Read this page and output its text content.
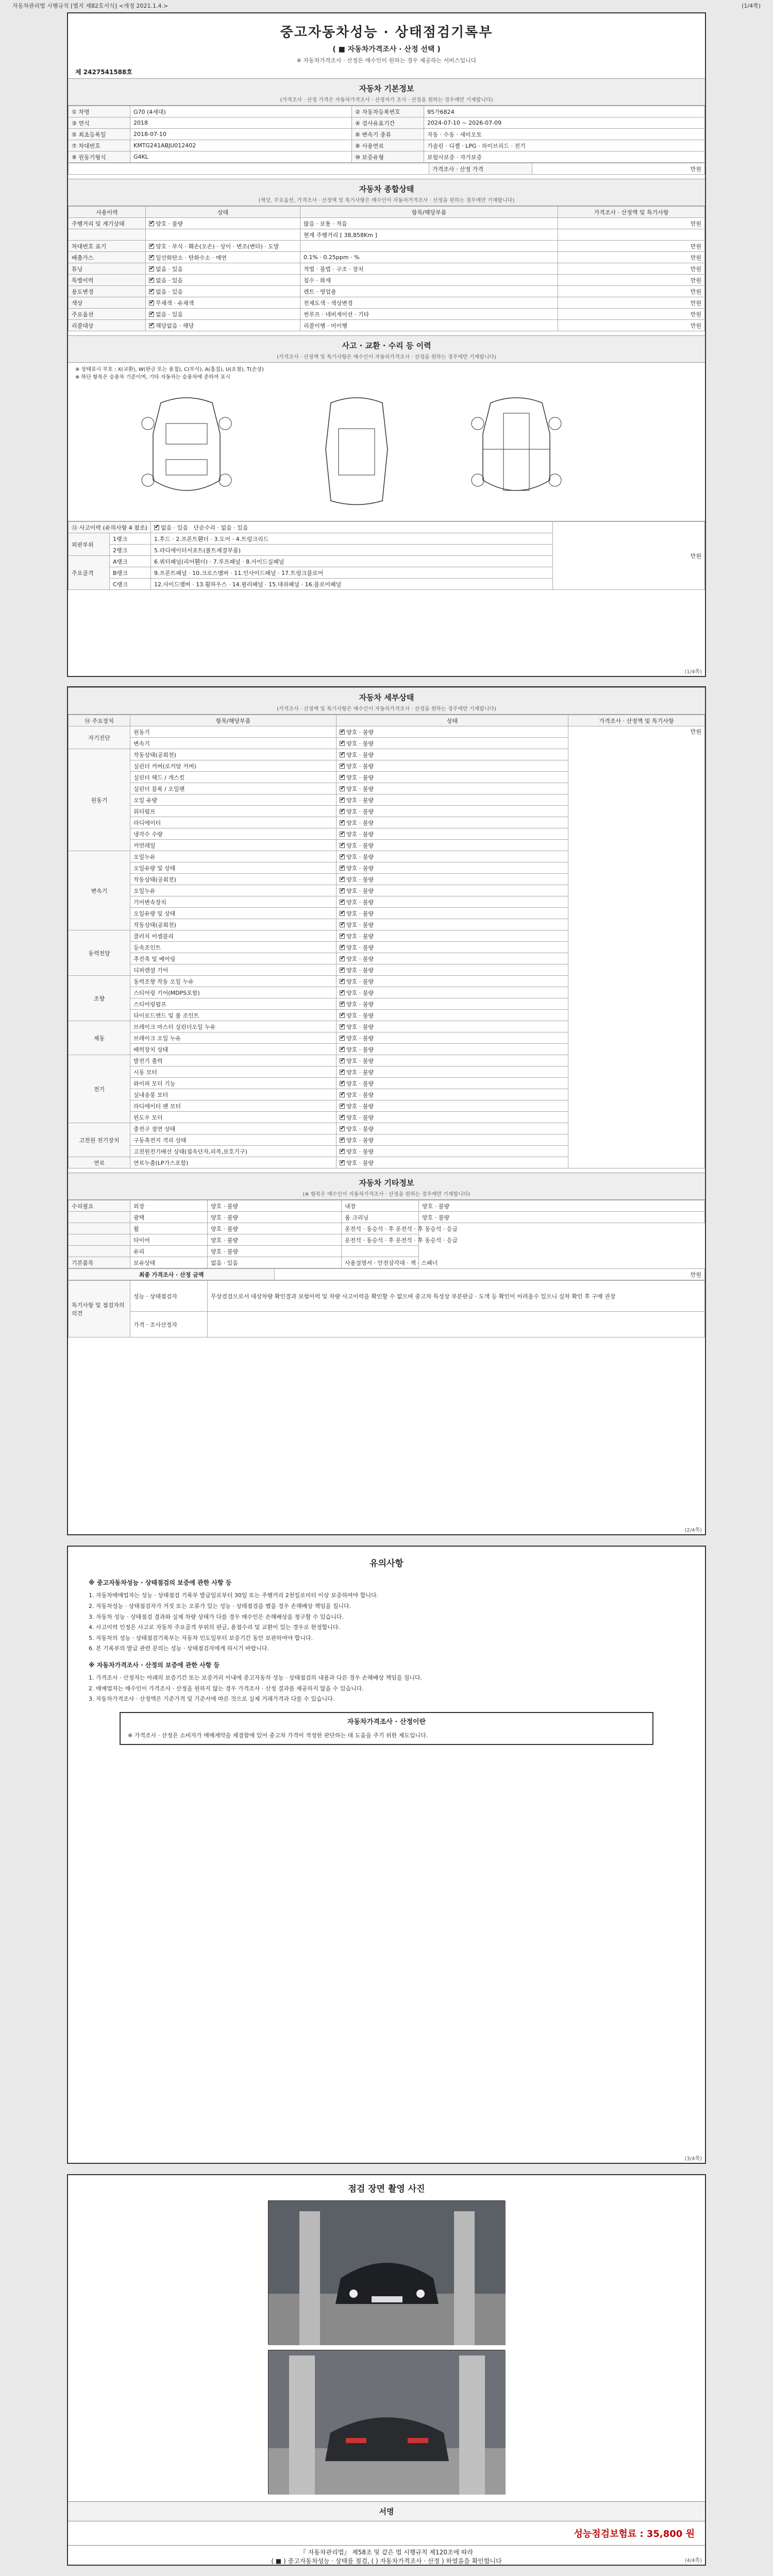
자동차관리법 시행규칙 [별지 제82호서식] <개정 2021.1.4.>	(1/4쪽)
중고자동차성능 · 상태점검기록부
( ■ 자동차가격조사 · 산정 선택 )
※ 자동차가격조사 · 산정은 매수인이 원하는 경우 제공하는 서비스입니다
제 2427541588호
자동차 기본정보
(가격조사 · 산정 가격은 자동차가격조사 · 산정자가 조사 · 산정을 원하는 경우에만 기재합니다)
① 차명	G70 (4세대)	② 자동차등록번호	95가6824
③ 연식	2018	④ 검사유효기간	2024-07-10 ~ 2026-07-09
⑤ 최초등록일	2018-07-10	⑥ 변속기 종류	자동 · 수동 · 세미오토
⑦ 차대번호	KMTG241ABJU012402	⑧ 사용연료	가솔린 · 디젤 · LPG · 하이브리드 · 전기
⑨ 원동기형식	G4KL	⑩ 보증유형	보험사보증 · 자가보증
	가격조사 · 산정 가격	만원
자동차 종합상태
(색상, 주요옵션, 가격조사 · 산정액 및 특기사항은 매수인이 자동차가격조사 · 산정을 원하는 경우에만 기재합니다)
사용이력	상태	항목/해당부품	가격조사 · 산정액 및 특기사항
주행거리 및 계기상태	✔양호 · 불량	많음 · 보통 · 적음	만원
		현재 주행거리 [ 38,858Km ]	
차대번호 표기	✔양호 · 부식 · 훼손(오손) · 상이 · 변조(변타) · 도말		만원
배출가스	✔일산화탄소 · 탄화수소 · 매연	0.1% · 0.25ppm · %	만원
튜닝	✔없음 · 있음	적법 · 불법 · 구조 · 장치	만원
특별이력	✔없음 · 있음	침수 · 화재	만원
용도변경	✔없음 · 있음	렌트 · 영업용	만원
색상	✔무채색 · 유채색	전체도색 · 색상변경	만원
주요옵션	✔없음 · 있음	썬루프 · 네비게이션 · 기타	만원
리콜대상	✔해당없음 · 해당	리콜이행 · 미이행	만원
사고 · 교환 · 수리 등 이력
(가격조사 · 산정액 및 특기사항은 매수인이 자동차가격조사 · 산정을 원하는 경우에만 기재합니다)
※ 상태표시 부호 : X(교환), W(판금 또는 용접), C(부식), A(흠집), U(요철), T(손상)
※ 하단 항목은 승용차 기준이며, 기타 자동차는 승용차에 준하여 표시
⑬ 사고이력 (유의사항 4 참조)	✔없음 · 있음 단순수리 · 없음 · 있음	만원
외판부위	1랭크	1.후드 · 2.프론트휀더 · 3.도어 · 4.트렁크리드	
	2랭크	5.라디에이터서포트(볼트체결부품)	
주요골격	A랭크	6.쿼터패널(리어휀더) · 7.루프패널 · 8.사이드실패널	
	B랭크	9.프론트패널 · 10.크로스멤버 · 11.인사이드패널 · 17.트렁크플로어	
	C랭크	12.사이드멤버 · 13.휠하우스 · 14.필러패널 · 15.대쉬패널 · 16.플로어패널	
(1/4쪽)
자동차 세부상태
(가격조사 · 산정액 및 특기사항은 매수인이 자동차가격조사 · 산정을 원하는 경우에만 기재합니다)
⑭ 주요장치	항목/해당부품	상태	가격조사 · 산정액 및 특기사항
자기진단	원동기	✔양호 · 불량	만원
	변속기	✔양호 · 불량
원동기	작동상태(공회전)	✔양호 · 불량
	실린더 커버(로커암 커버)	✔양호 · 불량
	실린더 헤드 / 개스킷	✔양호 · 불량
	실린더 블록 / 오일팬	✔양호 · 불량
	오일 유량	✔양호 · 불량
	워터펌프	✔양호 · 불량
	라디에이터	✔양호 · 불량
	냉각수 수량	✔양호 · 불량
	커먼레일	✔양호 · 불량
변속기	오일누유	✔양호 · 불량
	오일유량 및 상태	✔양호 · 불량
	작동상태(공회전)	✔양호 · 불량
	오일누유	✔양호 · 불량
	기어변속장치	✔양호 · 불량
	오일유량 및 상태	✔양호 · 불량
	작동상태(공회전)	✔양호 · 불량
동력전달	클러치 어셈블리	✔양호 · 불량
	등속조인트	✔양호 · 불량
	추진축 및 베어링	✔양호 · 불량
	디퍼렌셜 기어	✔양호 · 불량
조향	동력조향 작동 오일 누유	✔양호 · 불량
	스티어링 기어(MDPS포함)	✔양호 · 불량
	스티어링펌프	✔양호 · 불량
	타이로드엔드 및 볼 조인트	✔양호 · 불량
제동	브레이크 마스터 실린더오일 누유	✔양호 · 불량
	브레이크 오일 누유	✔양호 · 불량
	배력장치 상태	✔양호 · 불량
전기	발전기 출력	✔양호 · 불량
	시동 모터	✔양호 · 불량
	와이퍼 모터 기능	✔양호 · 불량
	실내송풍 모터	✔양호 · 불량
	라디에이터 팬 모터	✔양호 · 불량
	윈도우 모터	✔양호 · 불량
고전원 전기장치	충전구 절연 상태	✔양호 · 불량
	구동축전지 격리 상태	✔양호 · 불량
	고전원전기배선 상태(접속단자,피복,보호기구)	✔양호 · 불량
연료	연료누출(LP가스포함)	✔양호 · 불량
자동차 기타정보
(※ 항목은 매수인이 자동차가격조사 · 산정을 원하는 경우에만 기재합니다)
수리필요	외장	양호 · 불량	내장	양호 · 불량
	광택	양호 · 불량	룸 크리닝	양호 · 불량
	휠	양호 · 불량	운전석 · 동승석 · 후 운전석 · 후 동승석 · 응급	
	타이어	양호 · 불량	운전석 · 동승석 · 후 운전석 · 후 동승석 · 응급	
	유리	양호 · 불량		
기본품목	보유상태	없음 · 있음	사용설명서 · 안전삼각대 · 잭 · 스패너	
최종 가격조사 · 산정 금액	만원
특기사항 및 점검자의 의견	성능 · 상태점검자	무상검검으로서 대상차량 확인결과 보험이력 및 차량 사고이력을 확인할 수 없으며 중고차 특성상 부분판금 · 도색 등 확인이 어려울수 있으니 실차 확인 후 구매 권장
	가격 · 조사산정자	
(2/4쪽)
유의사항
※ 중고자동차성능 · 상태점검의 보증에 관한 사항 등

1. 자동차매매업자는 성능 · 상태점검 기록부 발급일로부터 30일 또는 주행거리 2천킬로미터 이상 보증하여야 합니다.

2. 자동차성능 · 상태점검자가 거짓 또는 오류가 있는 성능 · 상태점검을 했을 경우 손해배상 책임을 집니다.

3. 자동차 성능 · 상태점검 결과와 실제 차량 상태가 다를 경우 매수인은 손해배상을 청구할 수 있습니다.

4. 사고이력 인정은 사고로 자동차 주요골격 부위의 판금, 용접수리 및 교환이 있는 경우로 한정합니다.

5. 자동차의 성능 · 상태점검기록부는 자동차 인도일부터 보증기간 동안 보관하여야 합니다.

6. 본 기록부의 발급 관련 문의는 성능 · 상태점검자에게 하시기 바랍니다.

※ 자동차가격조사 · 산정의 보증에 관한 사항 등

1. 가격조사 · 산정자는 아래의 보증기간 또는 보증거리 이내에 중고자동차 성능 · 상태점검의 내용과 다른 경우 손해배상 책임을 집니다.

2. 매매업자는 매수인이 가격조사 · 산정을 원하지 않는 경우 가격조사 · 산정 결과를 제공하지 않을 수 있습니다.

3. 자동차가격조사 · 산정액은 기준가격 및 기준서에 따른 것으로 실제 거래가격과 다를 수 있습니다.

자동차가격조사 · 산정이란
※ 가격조사 · 산정은 소비자가 매매계약을 체결함에 있어 중고차 가격이 적정한 판단하는 데 도움을 주기 위한 제도입니다.
(3/4쪽)
점검 장면 촬영 사진
서명
성능점검보험료 : 35,800 원
『 자동차관리법』 제58조 및 같은 법 시행규칙 제120조에 따라
( ■ ) 중고자동차성능 · 상태를 점검, ( ) 자동차가격조사 · 산정 ) 하였음을 확인합니다	(4/4쪽)
